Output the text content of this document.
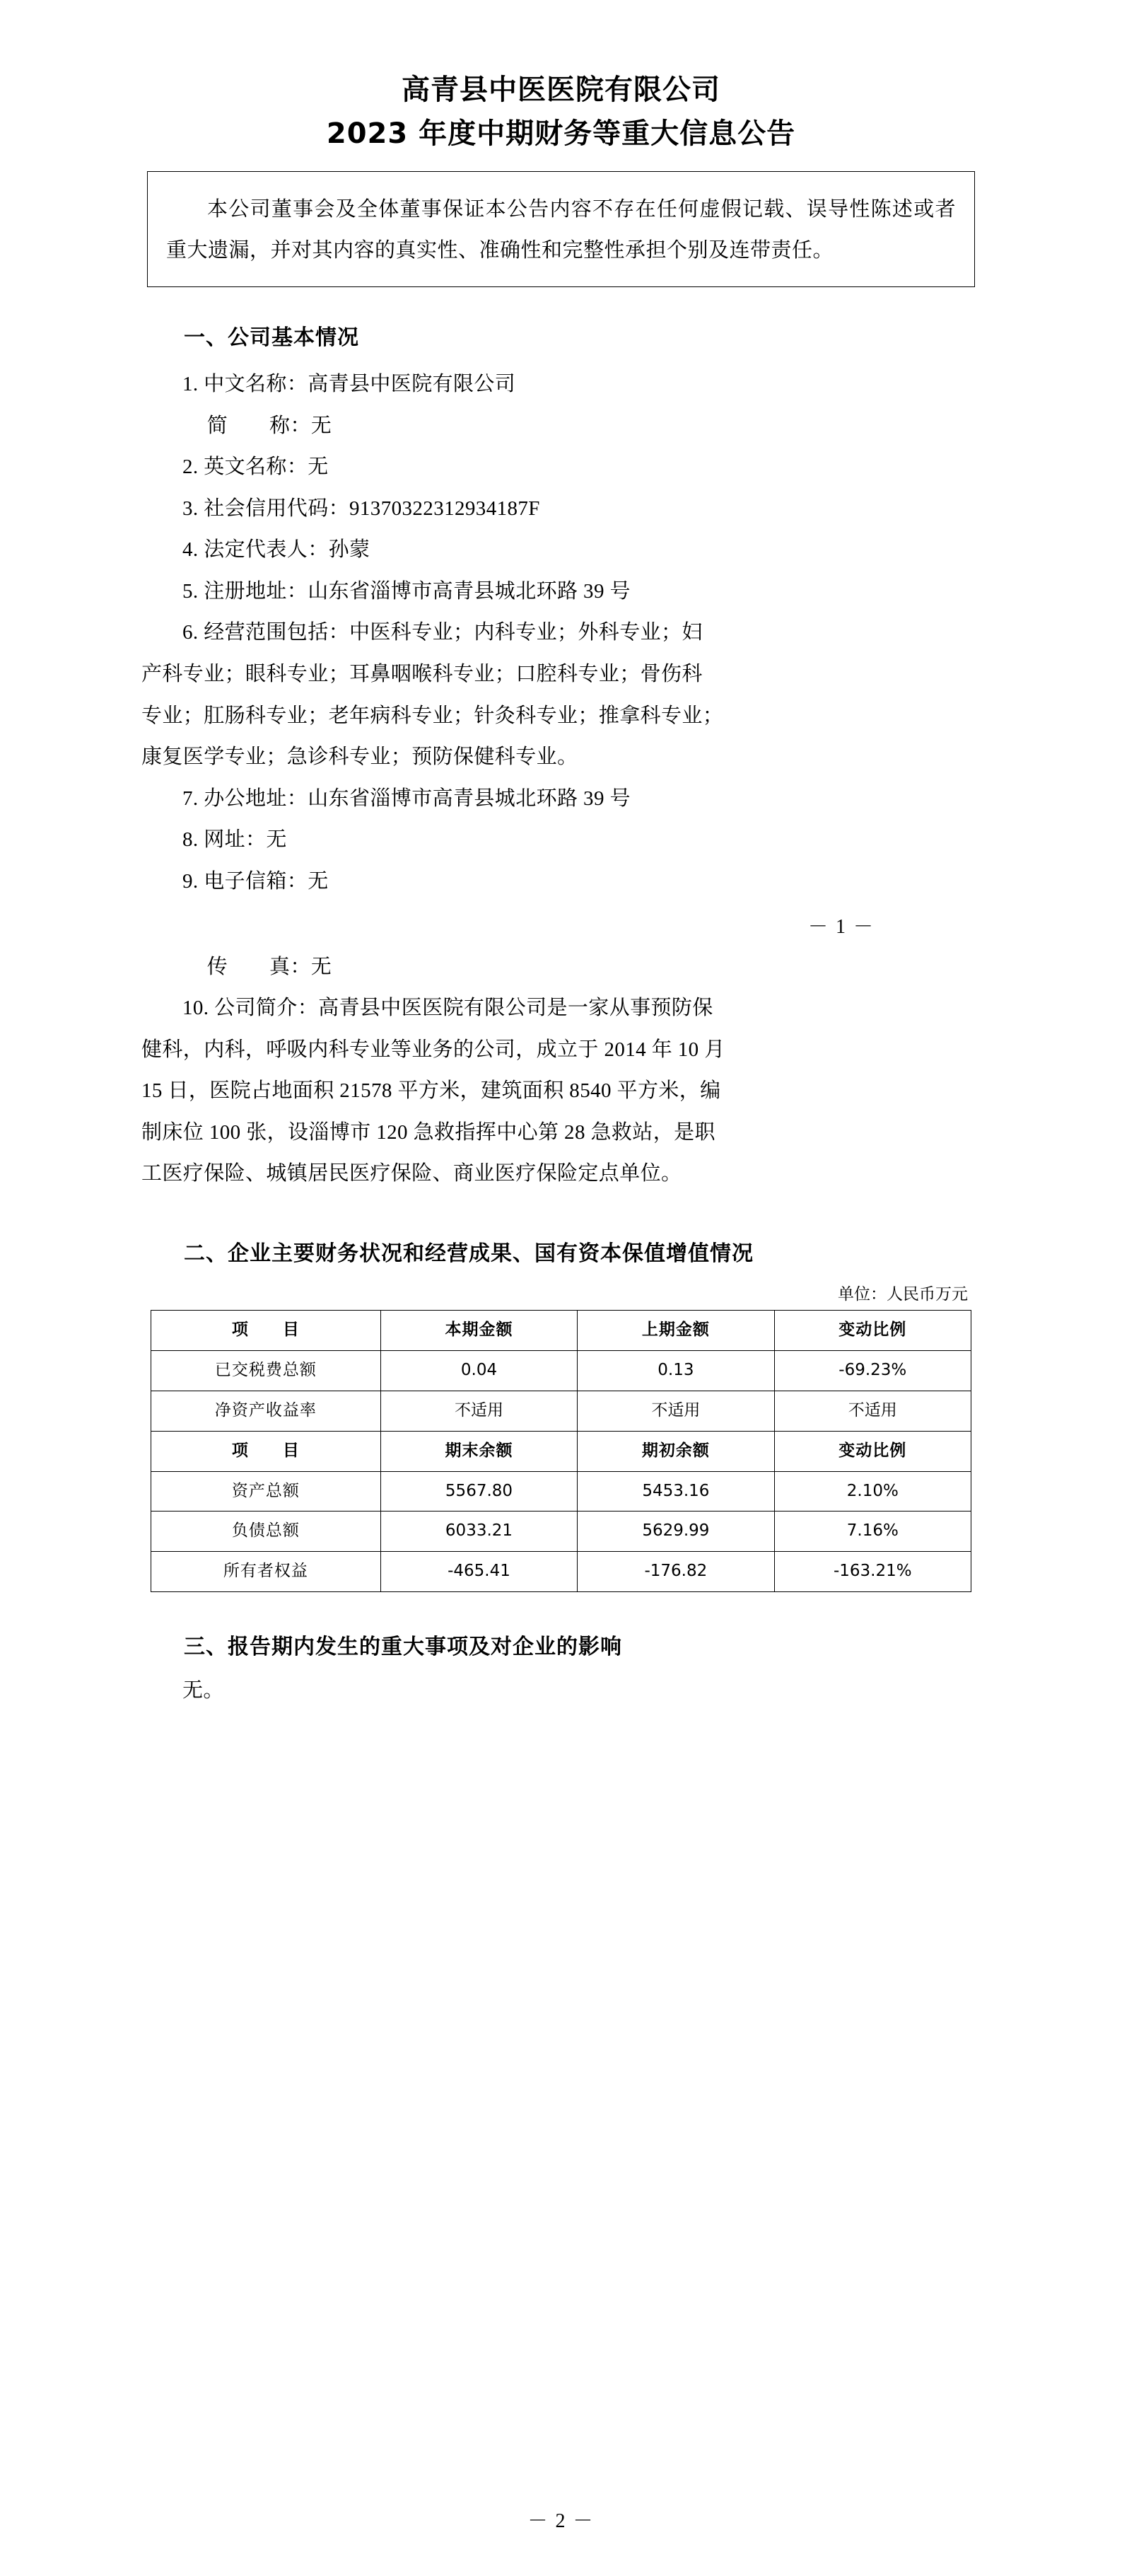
高青县中医医院有限公司
2023 年度中期财务等重大信息公告

本公司董事会及全体董事保证本公告内容不存在任何虚假记载、误导性陈述或者重大遗漏，并对其内容的真实性、准确性和完整性承担个别及连带责任。

一、公司基本情况

1. 中文名称：高青县中医院有限公司

简　　称：无

2. 英文名称：无

3. 社会信用代码：91370322312934187F

4. 法定代表人：孙蒙

5. 注册地址：山东省淄博市高青县城北环路 39 号

6. 经营范围包括：中医科专业；内科专业；外科专业；妇

产科专业；眼科专业；耳鼻咽喉科专业；口腔科专业；骨伤科

专业；肛肠科专业；老年病科专业；针灸科专业；推拿科专业；

康复医学专业；急诊科专业；预防保健科专业。

7. 办公地址：山东省淄博市高青县城北环路 39 号

8. 网址：无

9. 电子信箱：无

－ 1 －

传　　真：无

10. 公司简介：高青县中医医院有限公司是一家从事预防保

健科，内科，呼吸内科专业等业务的公司，成立于 2014 年 10 月

15 日，医院占地面积 21578 平方米，建筑面积 8540 平方米，编

制床位 100 张，设淄博市 120 急救指挥中心第 28 急救站，是职

工医疗保险、城镇居民医疗保险、商业医疗保险定点单位。

二、企业主要财务状况和经营成果、国有资本保值增值情况
单位：人民币万元
项　　目	本期金额	上期金额	变动比例
已交税费总额	0.04	0.13	-69.23%
净资产收益率	不适用	不适用	不适用
项　　目	期末余额	期初余额	变动比例
资产总额	5567.80	5453.16	2.10%
负债总额	6033.21	5629.99	7.16%
所有者权益	-465.41	-176.82	-163.21%
三、报告期内发生的重大事项及对企业的影响

无。

－ 2 －
